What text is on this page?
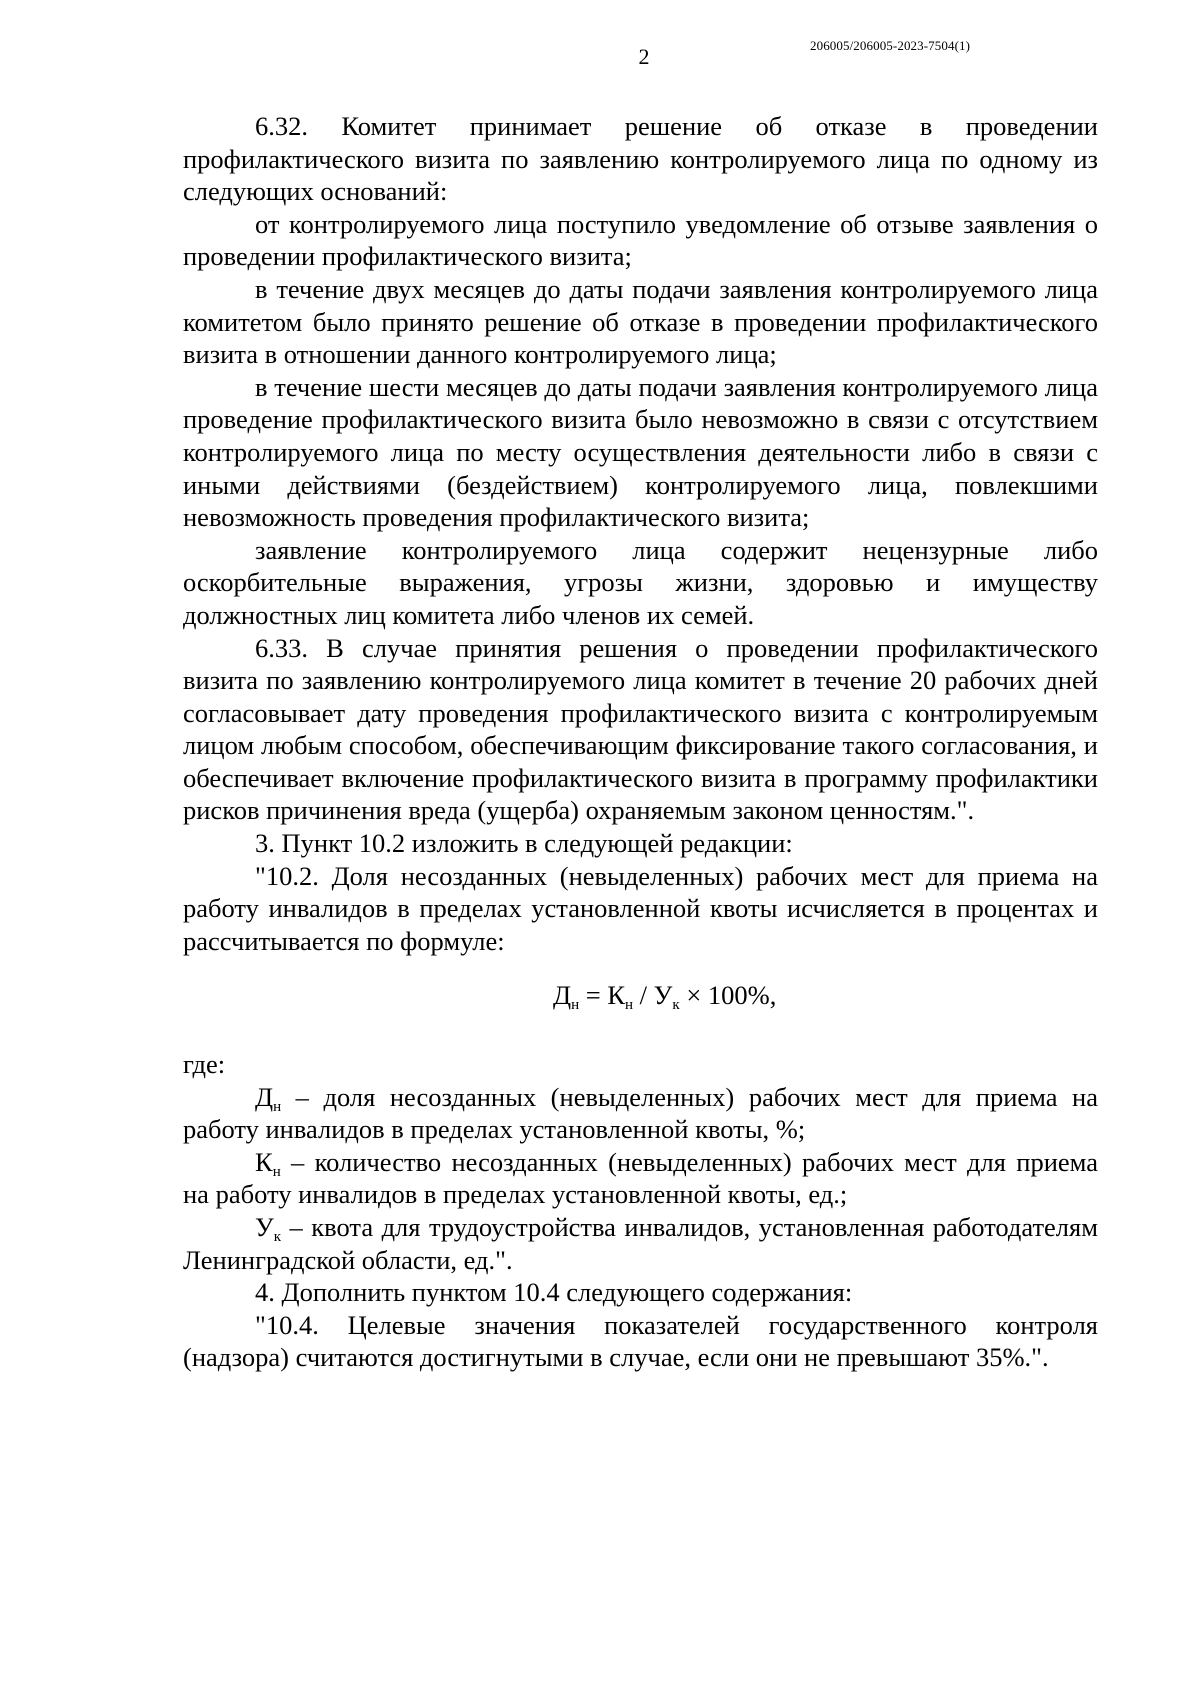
2	206005/206005-2023-7504(1)

6.32. Комитет принимает решение об отказе в проведении профилактического визита по заявлению контролируемого лица по одному из следующих оснований:

от контролируемого лица поступило уведомление об отзыве заявления о проведении профилактического визита;

в течение двух месяцев до даты подачи заявления контролируемого лица комитетом было принято решение об отказе в проведении профилактического визита в отношении данного контролируемого лица;

в течение шести месяцев до даты подачи заявления контролируемого лица проведение профилактического визита было невозможно в связи с отсутствием контролируемого лица по месту осуществления деятельности либо в связи с иными действиями (бездействием) контролируемого лица, повлекшими невозможность проведения профилактического визита;

заявление контролируемого лица содержит нецензурные либо оскорбительные выражения, угрозы жизни, здоровью и имуществу должностных лиц комитета либо членов их семей.

6.33. В случае принятия решения о проведении профилактического визита по заявлению контролируемого лица комитет в течение 20 рабочих дней согласовывает дату проведения профилактического визита с контролируемым лицом любым способом, обеспечивающим фиксирование такого согласования, и обеспечивает включение профилактического визита в программу профилактики рисков причинения вреда (ущерба) охраняемым законом ценностям.".

3. Пункт 10.2 изложить в следующей редакции:

"10.2. Доля несозданных (невыделенных) рабочих мест для приема на работу инвалидов в пределах установленной квоты исчисляется в процентах и рассчитывается по формуле:

$Д_н = К_н / У_к \times 100\%$,

где:

$Д_н$ – доля несозданных (невыделенных) рабочих мест для приема на работу инвалидов в пределах установленной квоты, %;

$К_н$ – количество несозданных (невыделенных) рабочих мест для приема на работу инвалидов в пределах установленной квоты, ед.;

$У_к$ – квота для трудоустройства инвалидов, установленная работодателям Ленинградской области, ед.".

4. Дополнить пунктом 10.4 следующего содержания:

"10.4. Целевые значения показателей государственного контроля (надзора) считаются достигнутыми в случае, если они не превышают 35%.".
